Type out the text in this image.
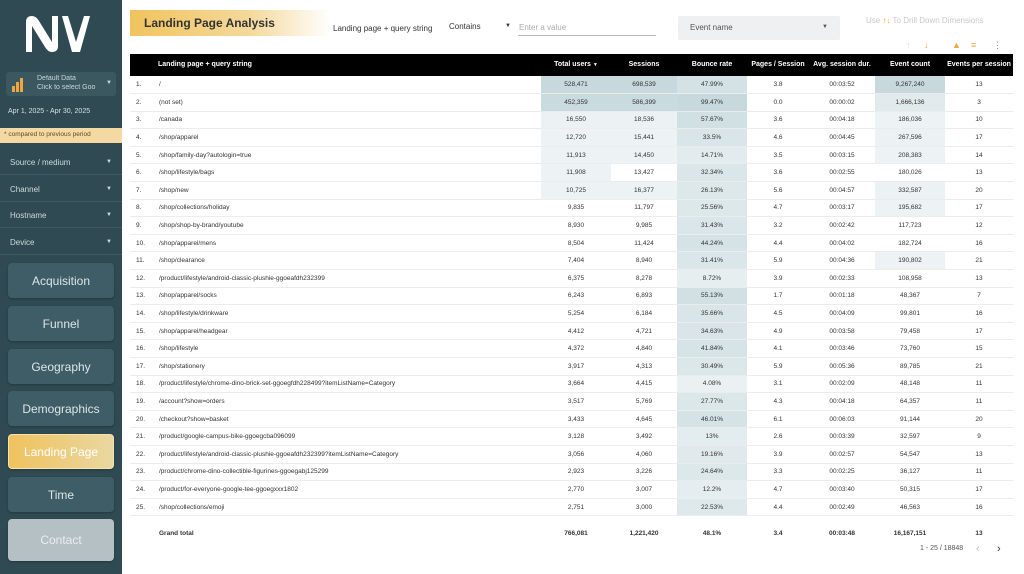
Default Data
Click to select Goo
▼
Apr 1, 2025 - Apr 30, 2025
* compared to previous period
Source / medium	▼
Channel	▼
Hostname	▼
Device	▼
Acquisition
Funnel
Geography
Demographics
Landing Page
Time
Contact
Landing Page Analysis	Landing page + query string Contains	▼
Enter a value	Event name	▼
Use ↑↓ To Drill Down Dimensions
↑ ↓	▲ ≡ ⋮
	Landing page + query string	Total users ▼	Sessions	Bounce rate	Pages / Session	Avg. session dur.	Event count	Events per session
1.	/	528,471	698,539	47.99%	3.8	00:03:52	9,267,240	13
2.	(not set)	452,359	586,399	99.47%	0.0	00:00:02	1,666,136	3
3.	/canada	16,550	18,536	57.67%	3.6	00:04:18	186,036	10
4.	/shop/apparel	12,720	15,441	33.5%	4.6	00:04:45	267,596	17
5.	/shop/family-day?autologin=true	11,913	14,450	14.71%	3.5	00:03:15	208,383	14
6.	/shop/lifestyle/bags	11,908	13,427	32.34%	3.6	00:02:55	180,026	13
7.	/shop/new	10,725	16,377	26.13%	5.6	00:04:57	332,587	20
8.	/shop/collections/holiday	9,835	11,797	25.56%	4.7	00:03:17	195,682	17
9.	/shop/shop-by-brand/youtube	8,930	9,985	31.43%	3.2	00:02:42	117,723	12
10.	/shop/apparel/mens	8,504	11,424	44.24%	4.4	00:04:02	182,724	16
11.	/shop/clearance	7,404	8,940	31.41%	5.9	00:04:36	190,802	21
12.	/product/lifestyle/android-classic-plushie-ggoeafdh232399	6,375	8,278	8.72%	3.9	00:02:33	108,958	13
13.	/shop/apparel/socks	6,243	6,893	55.13%	1.7	00:01:18	48,367	7
14.	/shop/lifestyle/drinkware	5,254	6,184	35.66%	4.5	00:04:09	99,801	16
15.	/shop/apparel/headgear	4,412	4,721	34.63%	4.9	00:03:58	79,458	17
16.	/shop/lifestyle	4,372	4,840	41.84%	4.1	00:03:46	73,760	15
17.	/shop/stationery	3,917	4,313	30.49%	5.9	00:05:36	89,785	21
18.	/product/lifestyle/chrome-dino-brick-set-ggoegfdh228499?itemListName=Category	3,664	4,415	4.08%	3.1	00:02:09	48,148	11
19.	/account?show=orders	3,517	5,769	27.77%	4.3	00:04:18	64,357	11
20.	/checkout?show=basket	3,433	4,645	46.01%	6.1	00:06:03	91,144	20
21.	/product/google-campus-bike-ggoegcba096099	3,128	3,492	13%	2.6	00:03:39	32,597	9
22.	/product/lifestyle/android-classic-plushie-ggoeafdh232399?itemListName=Category	3,056	4,060	19.16%	3.9	00:02:57	54,547	13
23.	/product/chrome-dino-collectible-figurines-ggoegabj125299	2,923	3,226	24.64%	3.3	00:02:25	36,127	11
24.	/product/for-everyone-google-tee-ggoegxxx1802	2,770	3,007	12.2%	4.7	00:03:40	50,315	17
25.	/shop/collections/emoji	2,751	3,000	22.53%	4.4	00:02:49	46,563	16
	Grand total	766,081	1,221,420	48.1%	3.4	00:03:48	16,167,151	13
1 - 25 / 18848 ‹ ›
